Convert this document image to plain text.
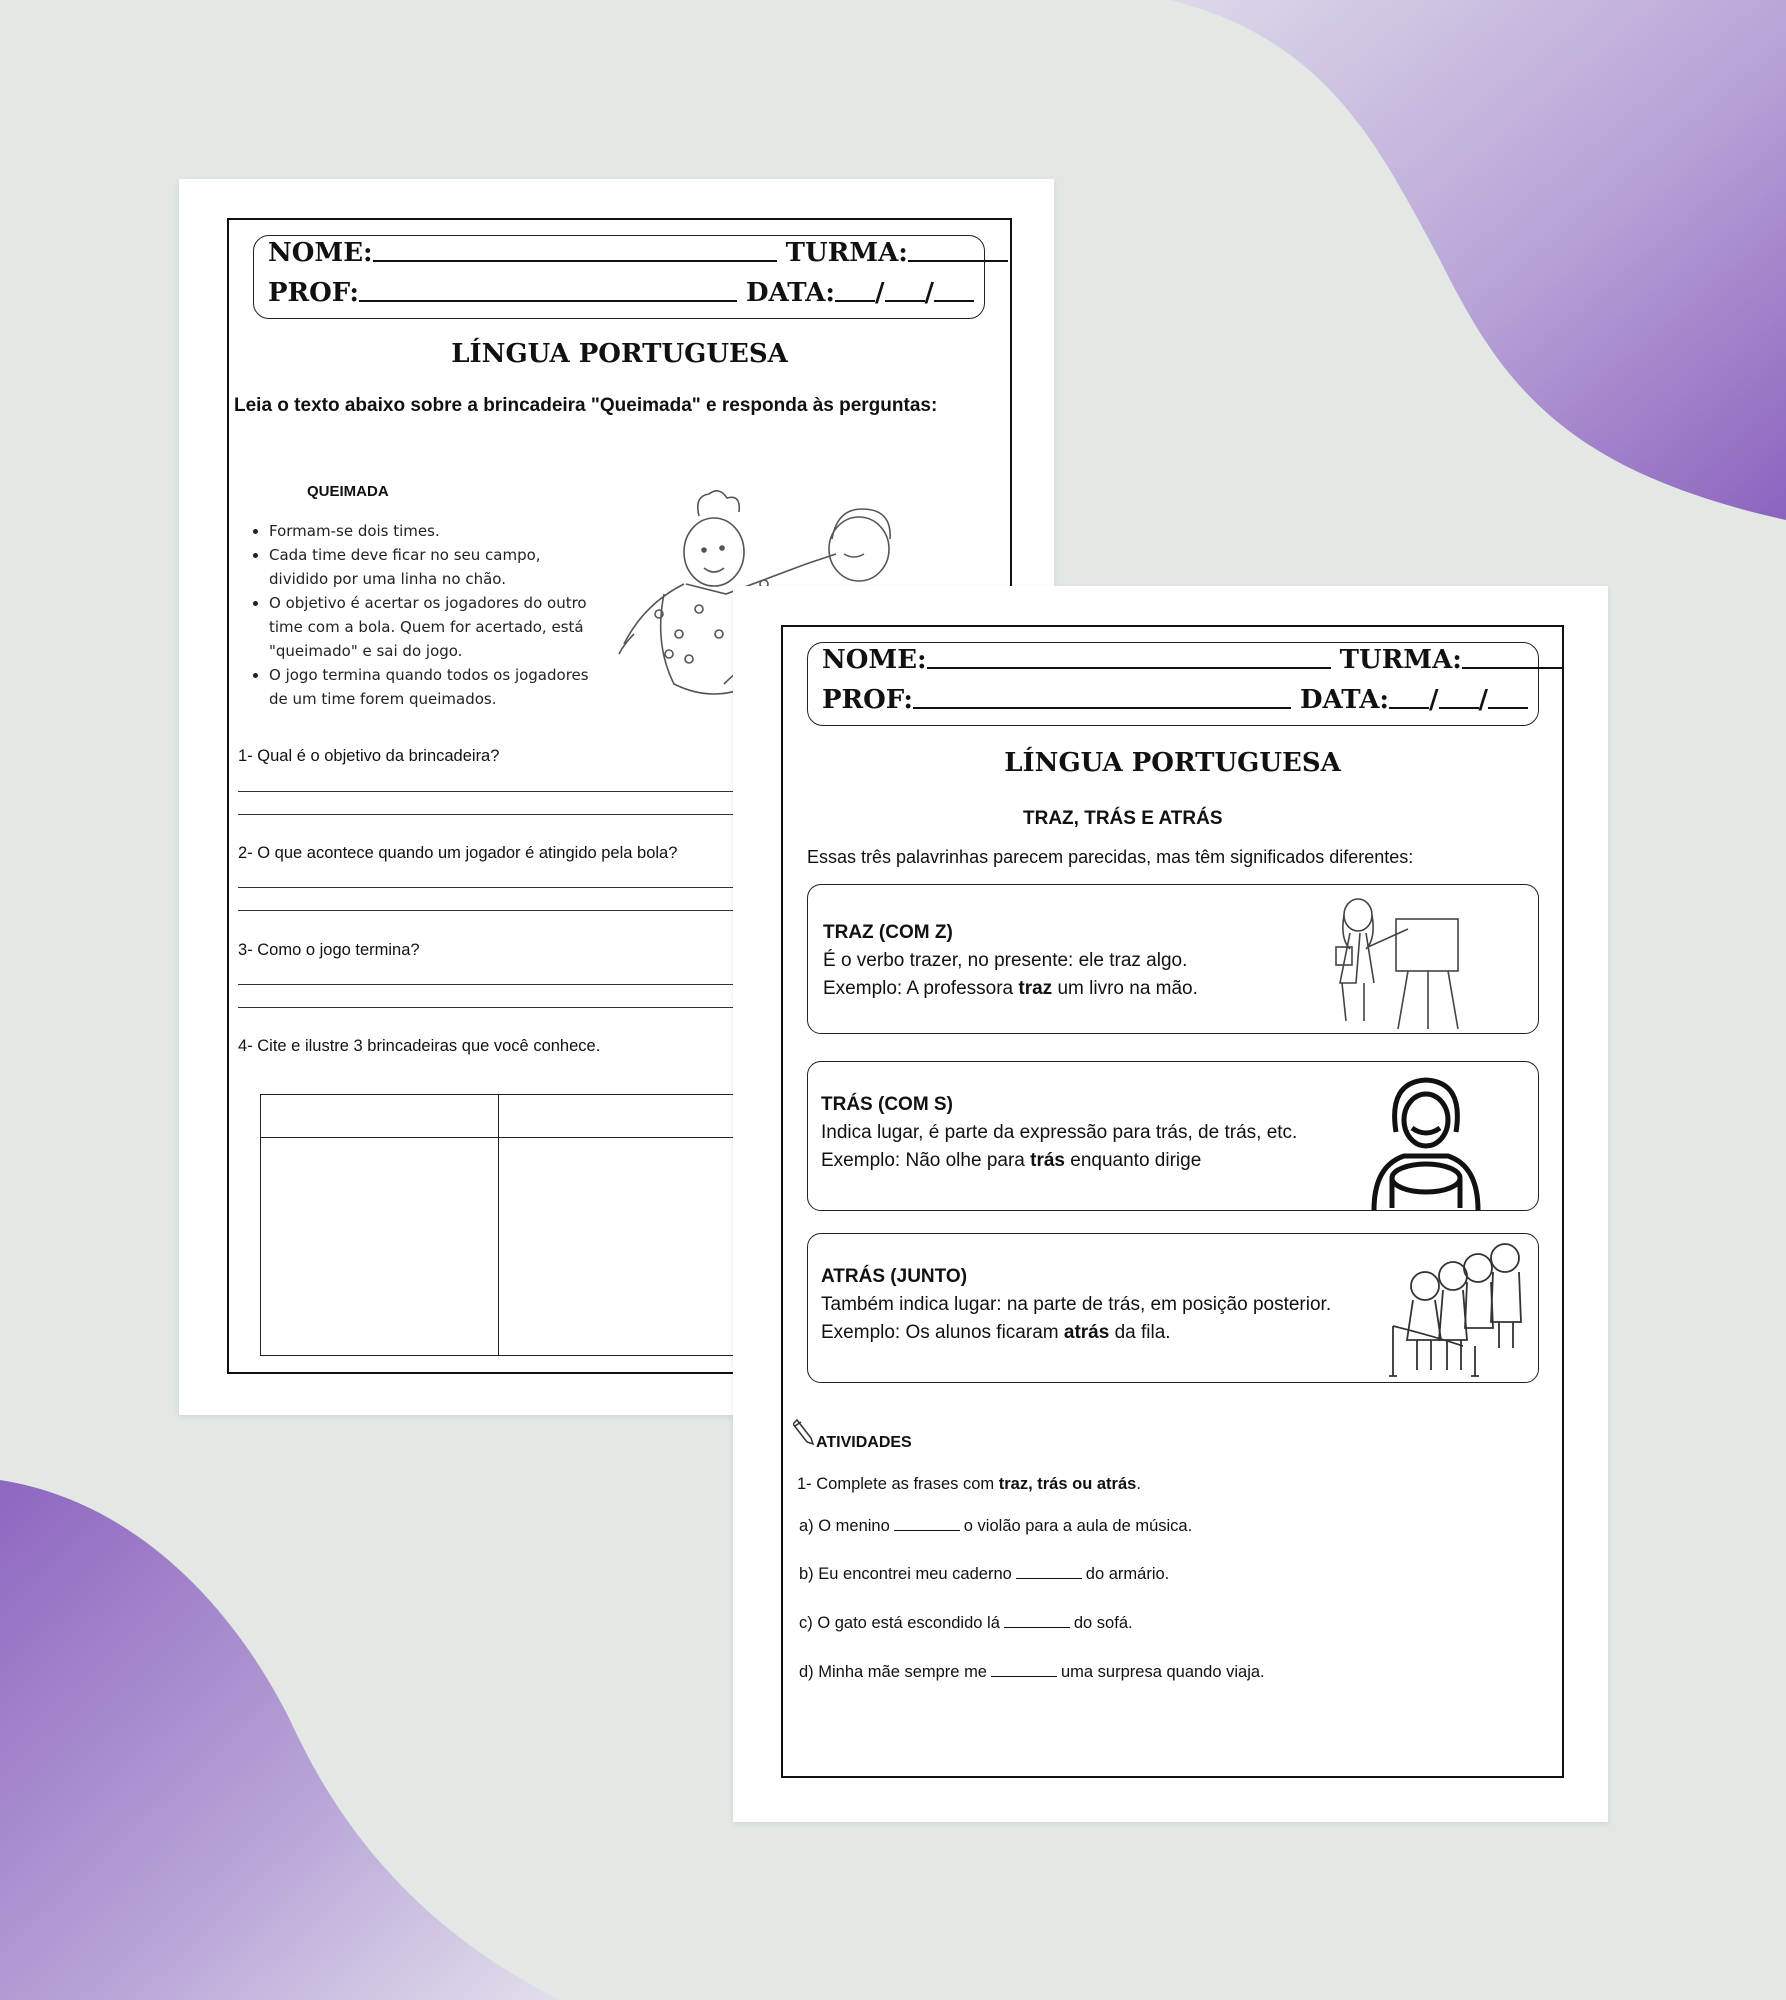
NOME:	TURMA:
PROF:	DATA: / /
LÍNGUA PORTUGUESA
Leia o texto abaixo sobre a brincadeira "Queimada" e responda às perguntas:
QUEIMADA
• Formam-se dois times.
• Cada time deve ficar no seu campo, dividido por uma linha no chão.
• O objetivo é acertar os jogadores do outro time com a bola. Quem for acertado, está "queimado" e sai do jogo.
• O jogo termina quando todos os jogadores de um time forem queimados.
1- Qual é o objetivo da brincadeira?
2- O que acontece quando um jogador é atingido pela bola?
3- Como o jogo termina?
4- Cite e ilustre 3 brincadeiras que você conhece.
NOME:	TURMA:
PROF:	DATA: / /
LÍNGUA PORTUGUESA
TRAZ, TRÁS E ATRÁS
Essas três palavrinhas parecem parecidas, mas têm significados diferentes:
TRAZ (COM Z)
É o verbo trazer, no presente: ele traz algo.
Exemplo: A professora traz um livro na mão.
TRÁS (COM S)
Indica lugar, é parte da expressão para trás, de trás, etc.
Exemplo: Não olhe para trás enquanto dirige
ATRÁS (JUNTO)
Também indica lugar: na parte de trás, em posição posterior.
Exemplo: Os alunos ficaram atrás da fila.
ATIVIDADES
1- Complete as frases com traz, trás ou atrás.
a) O menino	o violão para a aula de música.
b) Eu encontrei meu caderno	do armário.
c) O gato está escondido lá	do sofá.
d) Minha mãe sempre me	uma surpresa quando viaja.
